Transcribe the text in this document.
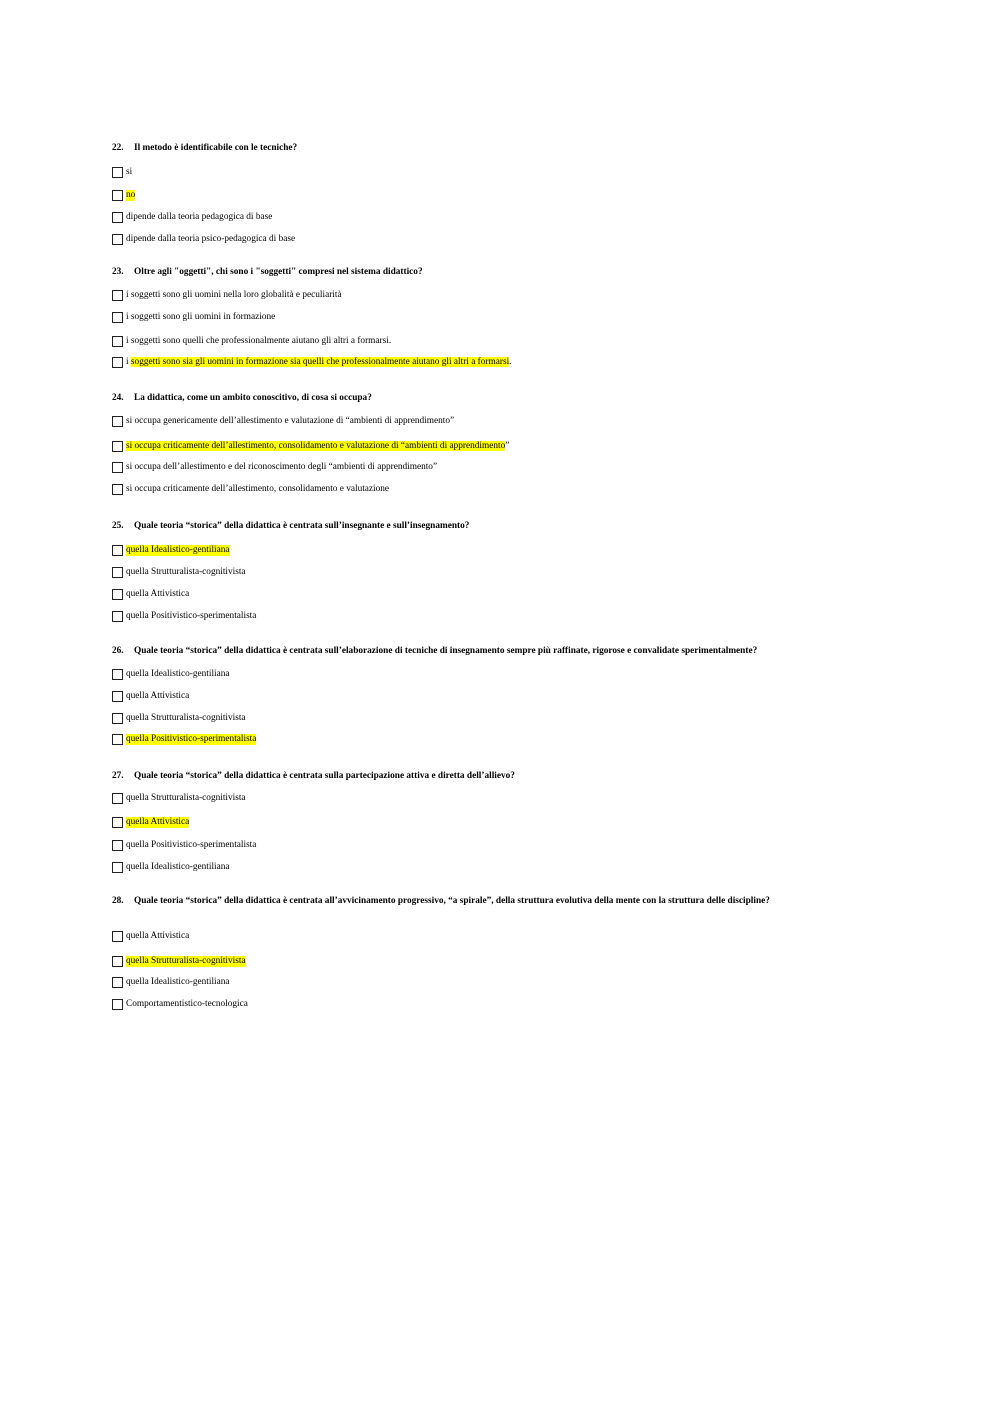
22. Il metodo è identificabile con le tecniche?

si
no
dipende dalla teoria pedagogica di base
dipende dalla teoria psico-pedagogica di base

23. Oltre agli "oggetti", chi sono i "soggetti" compresi nel sistema didattico?

i soggetti sono gli uomini nella loro globalità e peculiarità
i soggetti sono gli uomini in formazione
i soggetti sono quelli che professionalmente aiutano gli altri a formarsi.
i soggetti sono sia gli uomini in formazione sia quelli che professionalmente aiutano gli altri a formarsi.

24. La didattica, come un ambito conoscitivo, di cosa si occupa?

si occupa genericamente dell’allestimento e valutazione di “ambienti di apprendimento”
si occupa criticamente dell’allestimento, consolidamento e valutazione di “ambienti di apprendimento”
si occupa dell’allestimento e del riconoscimento degli “ambienti di apprendimento”
si occupa criticamente dell’allestimento, consolidamento e valutazione

25. Quale teoria “storica” della didattica è centrata sull’insegnante e sull’insegnamento?

quella Idealistico-gentiliana
quella Strutturalista-cognitivista
quella Attivistica
quella Positivistico-sperimentalista

26. Quale teoria “storica” della didattica è centrata sull’elaborazione di tecniche di insegnamento sempre più raffinate, rigorose e convalidate sperimentalmente?

quella Idealistico-gentiliana
quella Attivistica
quella Strutturalista-cognitivista
quella Positivistico-sperimentalista

27. Quale teoria “storica” della didattica è centrata sulla partecipazione attiva e diretta dell’allievo?

quella Strutturalista-cognitivista
quella Attivistica
quella Positivistico-sperimentalista
quella Idealistico-gentiliana

28. Quale teoria “storica” della didattica è centrata all’avvicinamento progressivo, “a spirale”, della struttura evolutiva della mente con la struttura delle discipline?

quella Attivistica
quella Strutturalista-cognitivista
quella Idealistico-gentiliana
Comportamentistico-tecnologica
